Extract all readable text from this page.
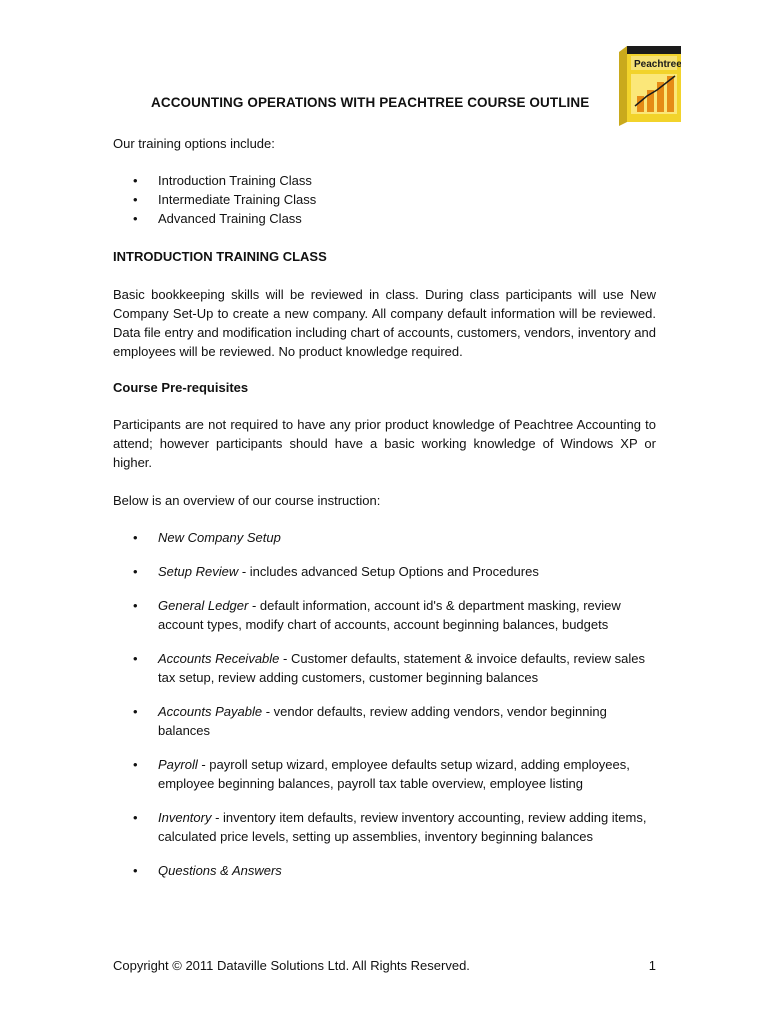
ACCOUNTING OPERATIONS WITH PEACHTREE COURSE OUTLINE
Peachtree

Our training options include:

• Introduction Training Class
• Intermediate Training Class
• Advanced Training Class

INTRODUCTION TRAINING CLASS

Basic bookkeeping skills will be reviewed in class. During class participants will use New Company Set-Up to create a new company. All company default information will be reviewed. Data file entry and modification including chart of accounts, customers, vendors, inventory and employees will be reviewed. No product knowledge required.

Course Pre-requisites

Participants are not required to have any prior product knowledge of Peachtree Accounting to attend; however participants should have a basic working knowledge of Windows XP or higher.

Below is an overview of our course instruction:

• New Company Setup
• Setup Review - includes advanced Setup Options and Procedures
• General Ledger - default information, account id's & department masking, review account types, modify chart of accounts, account beginning balances, budgets
• Accounts Receivable - Customer defaults, statement & invoice defaults, review sales tax setup, review adding customers, customer beginning balances
• Accounts Payable - vendor defaults, review adding vendors, vendor beginning balances
• Payroll - payroll setup wizard, employee defaults setup wizard, adding employees, employee beginning balances, payroll tax table overview, employee listing
• Inventory - inventory item defaults, review inventory accounting, review adding items, calculated price levels, setting up assemblies, inventory beginning balances
• Questions & Answers
Copyright © 2011 Dataville Solutions Ltd. All Rights Reserved.	1
